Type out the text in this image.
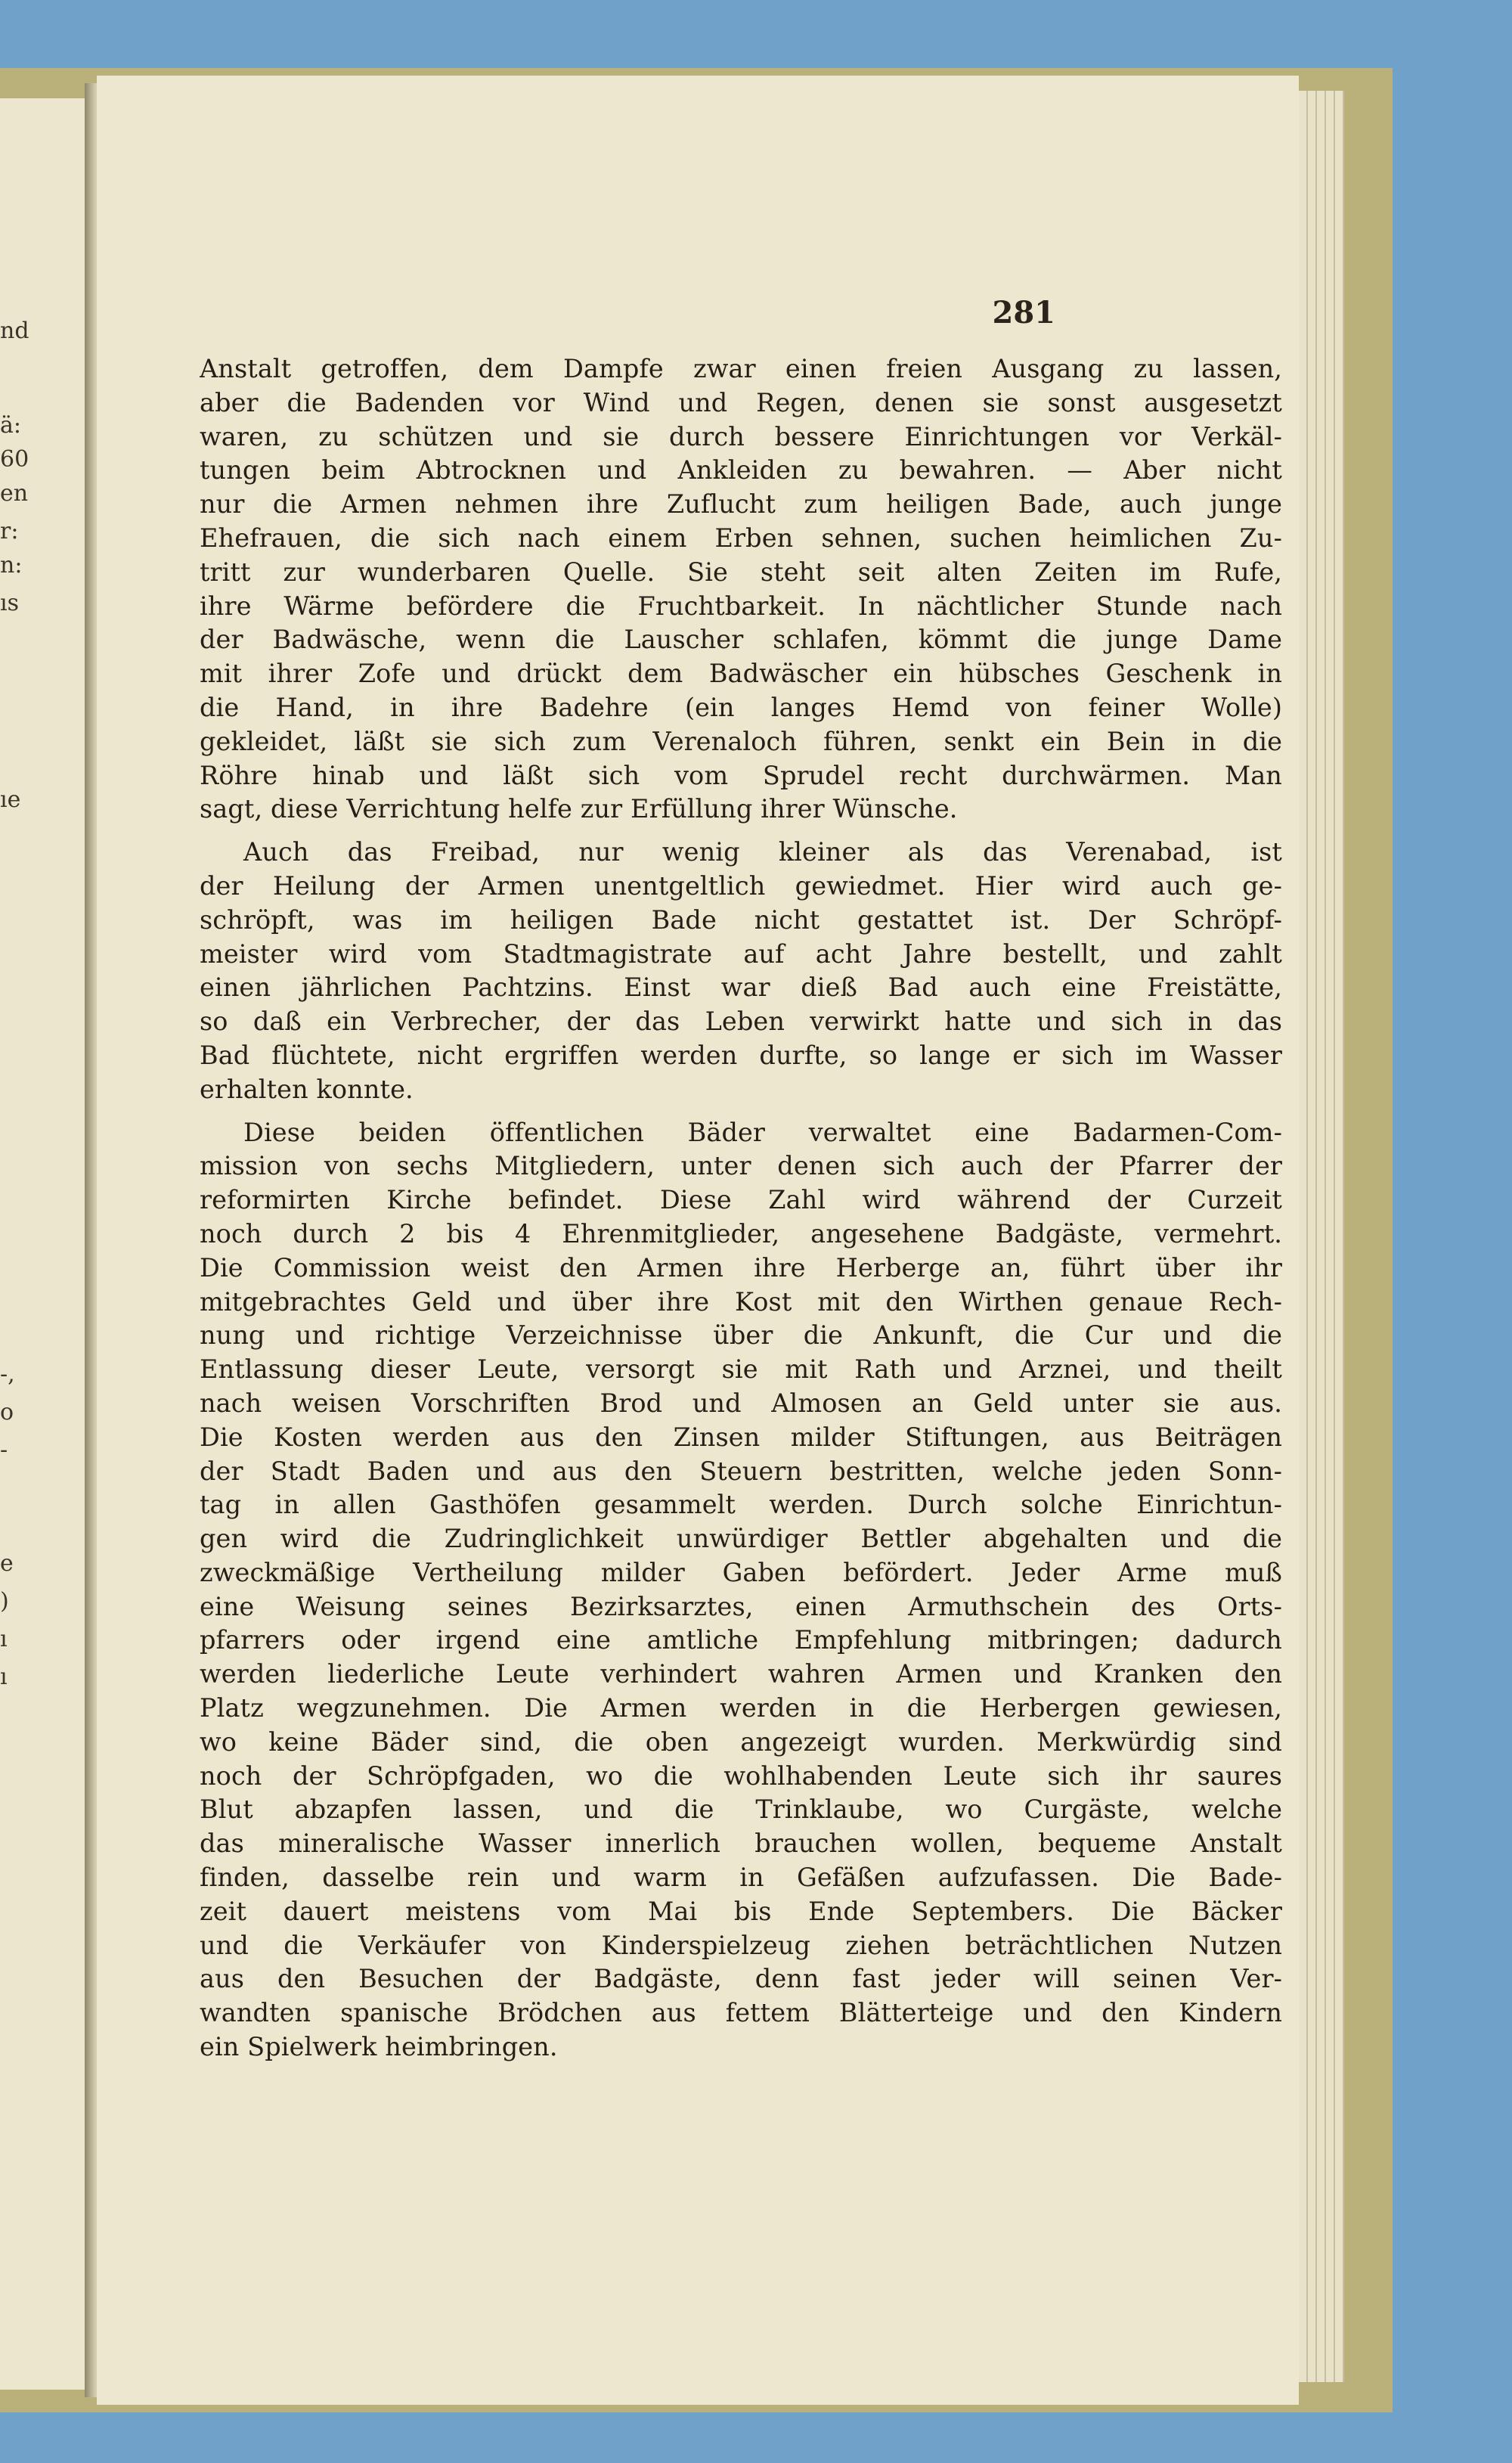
nd
ä:
60
en
r:
n:
ıs
ıe
-,
o
-
e
)
ı
ı
281
Anstalt getroffen, dem Dampfe zwar einen freien Ausgang zu lassen,
aber die Badenden vor Wind und Regen, denen sie sonst ausgesetzt
waren, zu schützen und sie durch bessere Einrichtungen vor Verkäl-
tungen beim Abtrocknen und Ankleiden zu bewahren. — Aber nicht
nur die Armen nehmen ihre Zuflucht zum heiligen Bade, auch junge
Ehefrauen, die sich nach einem Erben sehnen, suchen heimlichen Zu-
tritt zur wunderbaren Quelle. Sie steht seit alten Zeiten im Rufe,
ihre Wärme befördere die Fruchtbarkeit. In nächtlicher Stunde nach
der Badwäsche, wenn die Lauscher schlafen, kömmt die junge Dame
mit ihrer Zofe und drückt dem Badwäscher ein hübsches Geschenk in
die Hand, in ihre Badehre (ein langes Hemd von feiner Wolle)
gekleidet, läßt sie sich zum Verenaloch führen, senkt ein Bein in die
Röhre hinab und läßt sich vom Sprudel recht durchwärmen. Man
sagt, diese Verrichtung helfe zur Erfüllung ihrer Wünsche.
Auch das Freibad, nur wenig kleiner als das Verenabad, ist
der Heilung der Armen unentgeltlich gewiedmet. Hier wird auch ge-
schröpft, was im heiligen Bade nicht gestattet ist. Der Schröpf-
meister wird vom Stadtmagistrate auf acht Jahre bestellt, und zahlt
einen jährlichen Pachtzins. Einst war dieß Bad auch eine Freistätte,
so daß ein Verbrecher, der das Leben verwirkt hatte und sich in das
Bad flüchtete, nicht ergriffen werden durfte, so lange er sich im Wasser
erhalten konnte.
Diese beiden öffentlichen Bäder verwaltet eine Badarmen-Com-
mission von sechs Mitgliedern, unter denen sich auch der Pfarrer der
reformirten Kirche befindet. Diese Zahl wird während der Curzeit
noch durch 2 bis 4 Ehrenmitglieder, angesehene Badgäste, vermehrt.
Die Commission weist den Armen ihre Herberge an, führt über ihr
mitgebrachtes Geld und über ihre Kost mit den Wirthen genaue Rech-
nung und richtige Verzeichnisse über die Ankunft, die Cur und die
Entlassung dieser Leute, versorgt sie mit Rath und Arznei, und theilt
nach weisen Vorschriften Brod und Almosen an Geld unter sie aus.
Die Kosten werden aus den Zinsen milder Stiftungen, aus Beiträgen
der Stadt Baden und aus den Steuern bestritten, welche jeden Sonn-
tag in allen Gasthöfen gesammelt werden. Durch solche Einrichtun-
gen wird die Zudringlichkeit unwürdiger Bettler abgehalten und die
zweckmäßige Vertheilung milder Gaben befördert. Jeder Arme muß
eine Weisung seines Bezirksarztes, einen Armuthschein des Orts-
pfarrers oder irgend eine amtliche Empfehlung mitbringen; dadurch
werden liederliche Leute verhindert wahren Armen und Kranken den
Platz wegzunehmen. Die Armen werden in die Herbergen gewiesen,
wo keine Bäder sind, die oben angezeigt wurden. Merkwürdig sind
noch der Schröpfgaden, wo die wohlhabenden Leute sich ihr saures
Blut abzapfen lassen, und die Trinklaube, wo Curgäste, welche
das mineralische Wasser innerlich brauchen wollen, bequeme Anstalt
finden, dasselbe rein und warm in Gefäßen aufzufassen. Die Bade-
zeit dauert meistens vom Mai bis Ende Septembers. Die Bäcker
und die Verkäufer von Kinderspielzeug ziehen beträchtlichen Nutzen
aus den Besuchen der Badgäste, denn fast jeder will seinen Ver-
wandten spanische Brödchen aus fettem Blätterteige und den Kindern
ein Spielwerk heimbringen.
